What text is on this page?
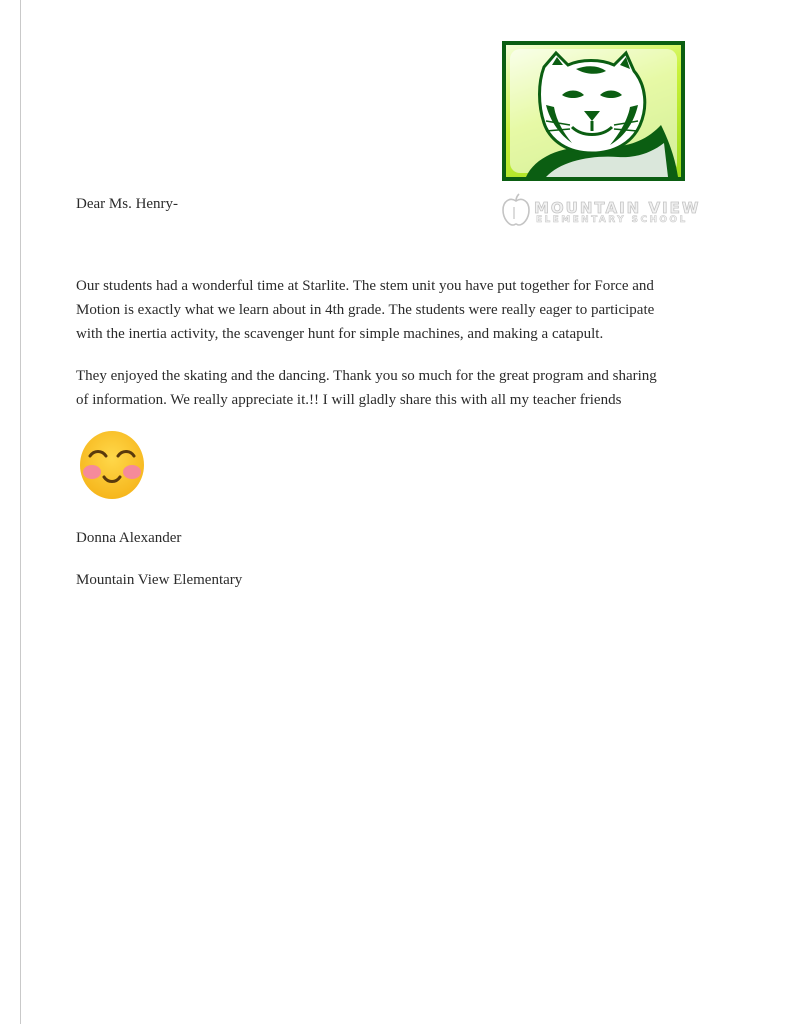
MOUNTAIN VIEW
ELEMENTARY SCHOOL
Dear Ms. Henry-
Our students had a wonderful time at Starlite. The stem unit you have put together for Force and
Motion is exactly what we learn about in 4th grade. The students were really eager to participate
with the inertia activity, the scavenger hunt for simple machines, and making a catapult.
They enjoyed the skating and the dancing. Thank you so much for the great program and sharing
of information. We really appreciate it.!! I will gladly share this with all my teacher friends
Donna Alexander
Mountain View Elementary
